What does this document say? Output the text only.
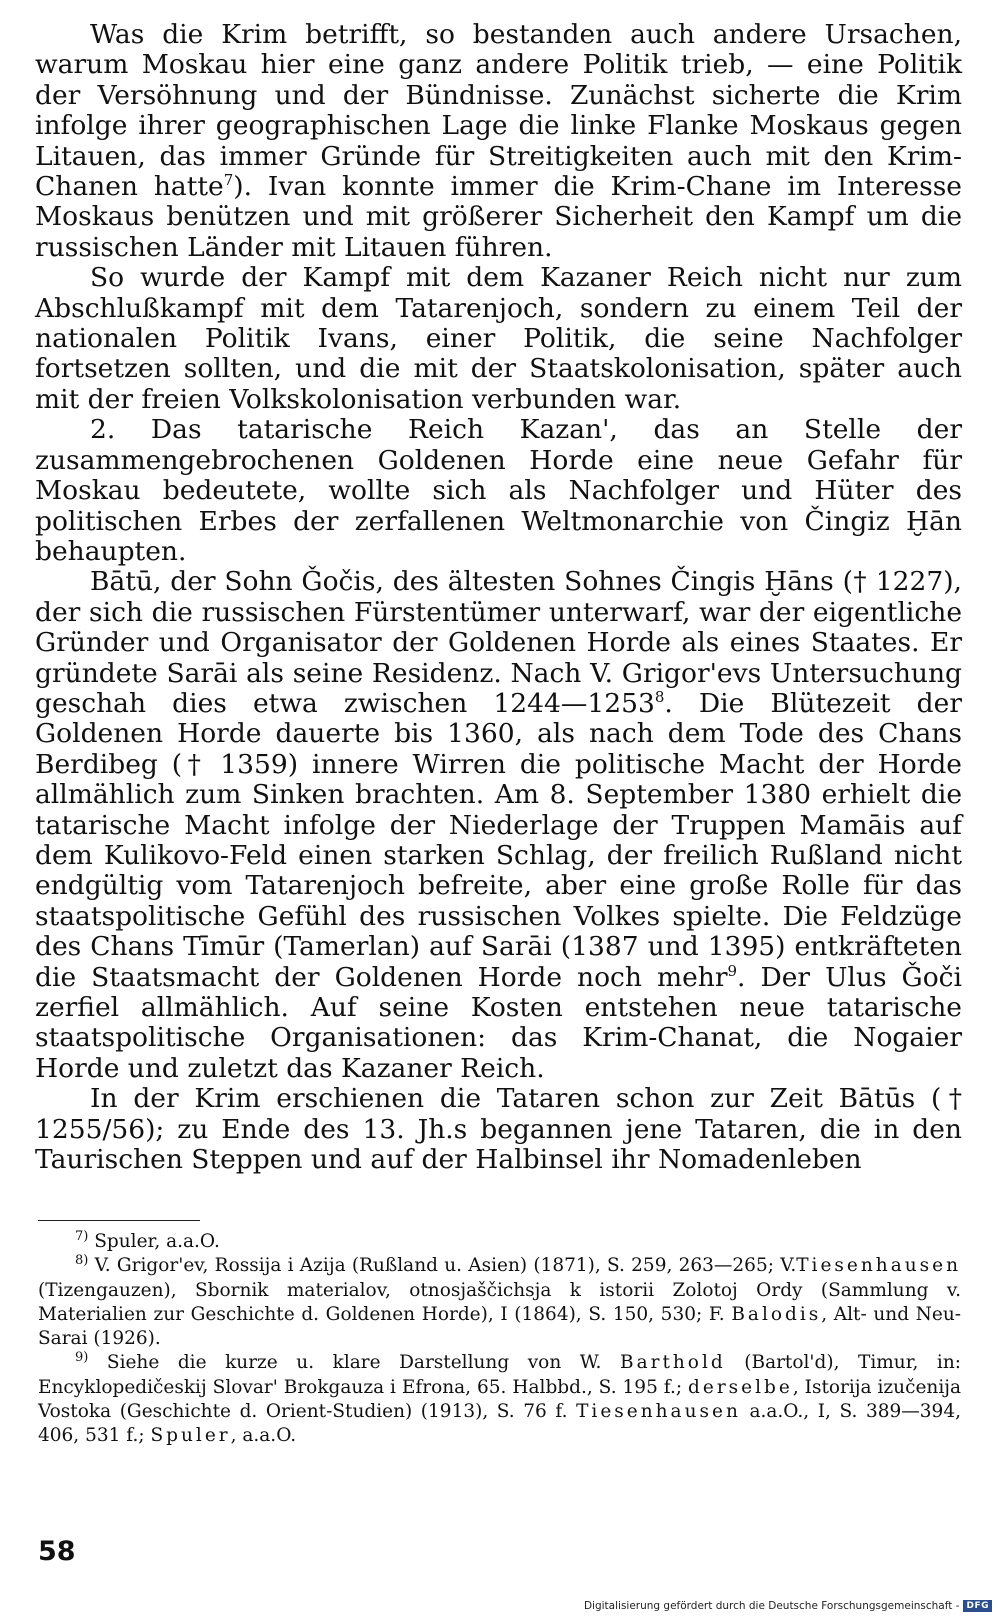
Was die Krim betrifft, so bestanden auch andere Ursachen, warum Moskau hier eine ganz andere Politik trieb, — eine Politik der Versöhnung und der Bündnisse. Zunächst sicherte die Krim infolge ihrer geographischen Lage die linke Flanke Moskaus gegen Litauen, das immer Gründe für Streitigkeiten auch mit den Krim-Chanen hatte$^7$). Ivan konnte immer die Krim-Chane im Interesse Moskaus benützen und mit größerer Sicherheit den Kampf um die russischen Länder mit Litauen führen.

So wurde der Kampf mit dem Kazaner Reich nicht nur zum Abschlußkampf mit dem Tatarenjoch, sondern zu einem Teil der nationalen Politik Ivans, einer Politik, die seine Nachfolger fortsetzen sollten, und die mit der Staatskolonisation, später auch mit der freien Volkskolonisation verbunden war.

2. Das tatarische Reich Kazan', das an Stelle der zusammengebrochenen Goldenen Horde eine neue Gefahr für Moskau bedeutete, wollte sich als Nachfolger und Hüter des politischen Erbes der zerfallenen Weltmonarchie von Čingiz Ḫān behaupten.

Bātū, der Sohn Ǧočis, des ältesten Sohnes Čingis Ḫāns († 1227), der sich die russischen Fürstentümer unterwarf, war der eigentliche Gründer und Organisator der Goldenen Horde als eines Staates. Er gründete Sarāi als seine Residenz. Nach V. Grigor'evs Untersuchung geschah dies etwa zwischen 1244—1253$^8$. Die Blütezeit der Goldenen Horde dauerte bis 1360, als nach dem Tode des Chans Berdibeg († 1359) innere Wirren die politische Macht der Horde allmählich zum Sinken brachten. Am 8. September 1380 erhielt die tatarische Macht infolge der Niederlage der Truppen Mamāis auf dem Kulikovo-Feld einen starken Schlag, der freilich Rußland nicht endgültig vom Tatarenjoch befreite, aber eine große Rolle für das staatspolitische Gefühl des russischen Volkes spielte. Die Feldzüge des Chans Tīmūr (Tamerlan) auf Sarāi (1387 und 1395) entkräfteten die Staatsmacht der Goldenen Horde noch mehr$^9$. Der Ulus Ǧoči zerfiel allmählich. Auf seine Kosten entstehen neue tatarische staatspolitische Organisationen: das Krim-Chanat, die Nogaier Horde und zuletzt das Kazaner Reich.

In der Krim erschienen die Tataren schon zur Zeit Bātūs († 1255/56); zu Ende des 13. Jh.s begannen jene Tataren, die in den Taurischen Steppen und auf der Halbinsel ihr Nomadenleben

$^{7)}$ Spuler, a.a.O.

$^{8)}$ V. Grigor'ev, Rossija i Azija (Rußland u. Asien) (1871), S. 259, 263—265; V.Tiesenhausen (Tizengauzen), Sbornik materialov, otnosjaščichsja k istorii Zolotoj Ordy (Sammlung v. Materialien zur Geschichte d. Goldenen Horde), I (1864), S. 150, 530; F. Balodis, Alt- und Neu-Sarai (1926).

$^{9)}$ Siehe die kurze u. klare Darstellung von W. Barthold (Bartol'd), Timur, in: Encyklopedičeskij Slovar' Brokgauza i Efrona, 65. Halbbd., S. 195 f.; derselbe, Istorija izučenija Vostoka (Geschichte d. Orient-Studien) (1913), S. 76 f. Tiesenhausen a.a.O., I, S. 389—394, 406, 531 f.; Spuler, a.a.O.

58
Digitalisierung gefördert durch die Deutsche Forschungsgemeinschaft - DFG
